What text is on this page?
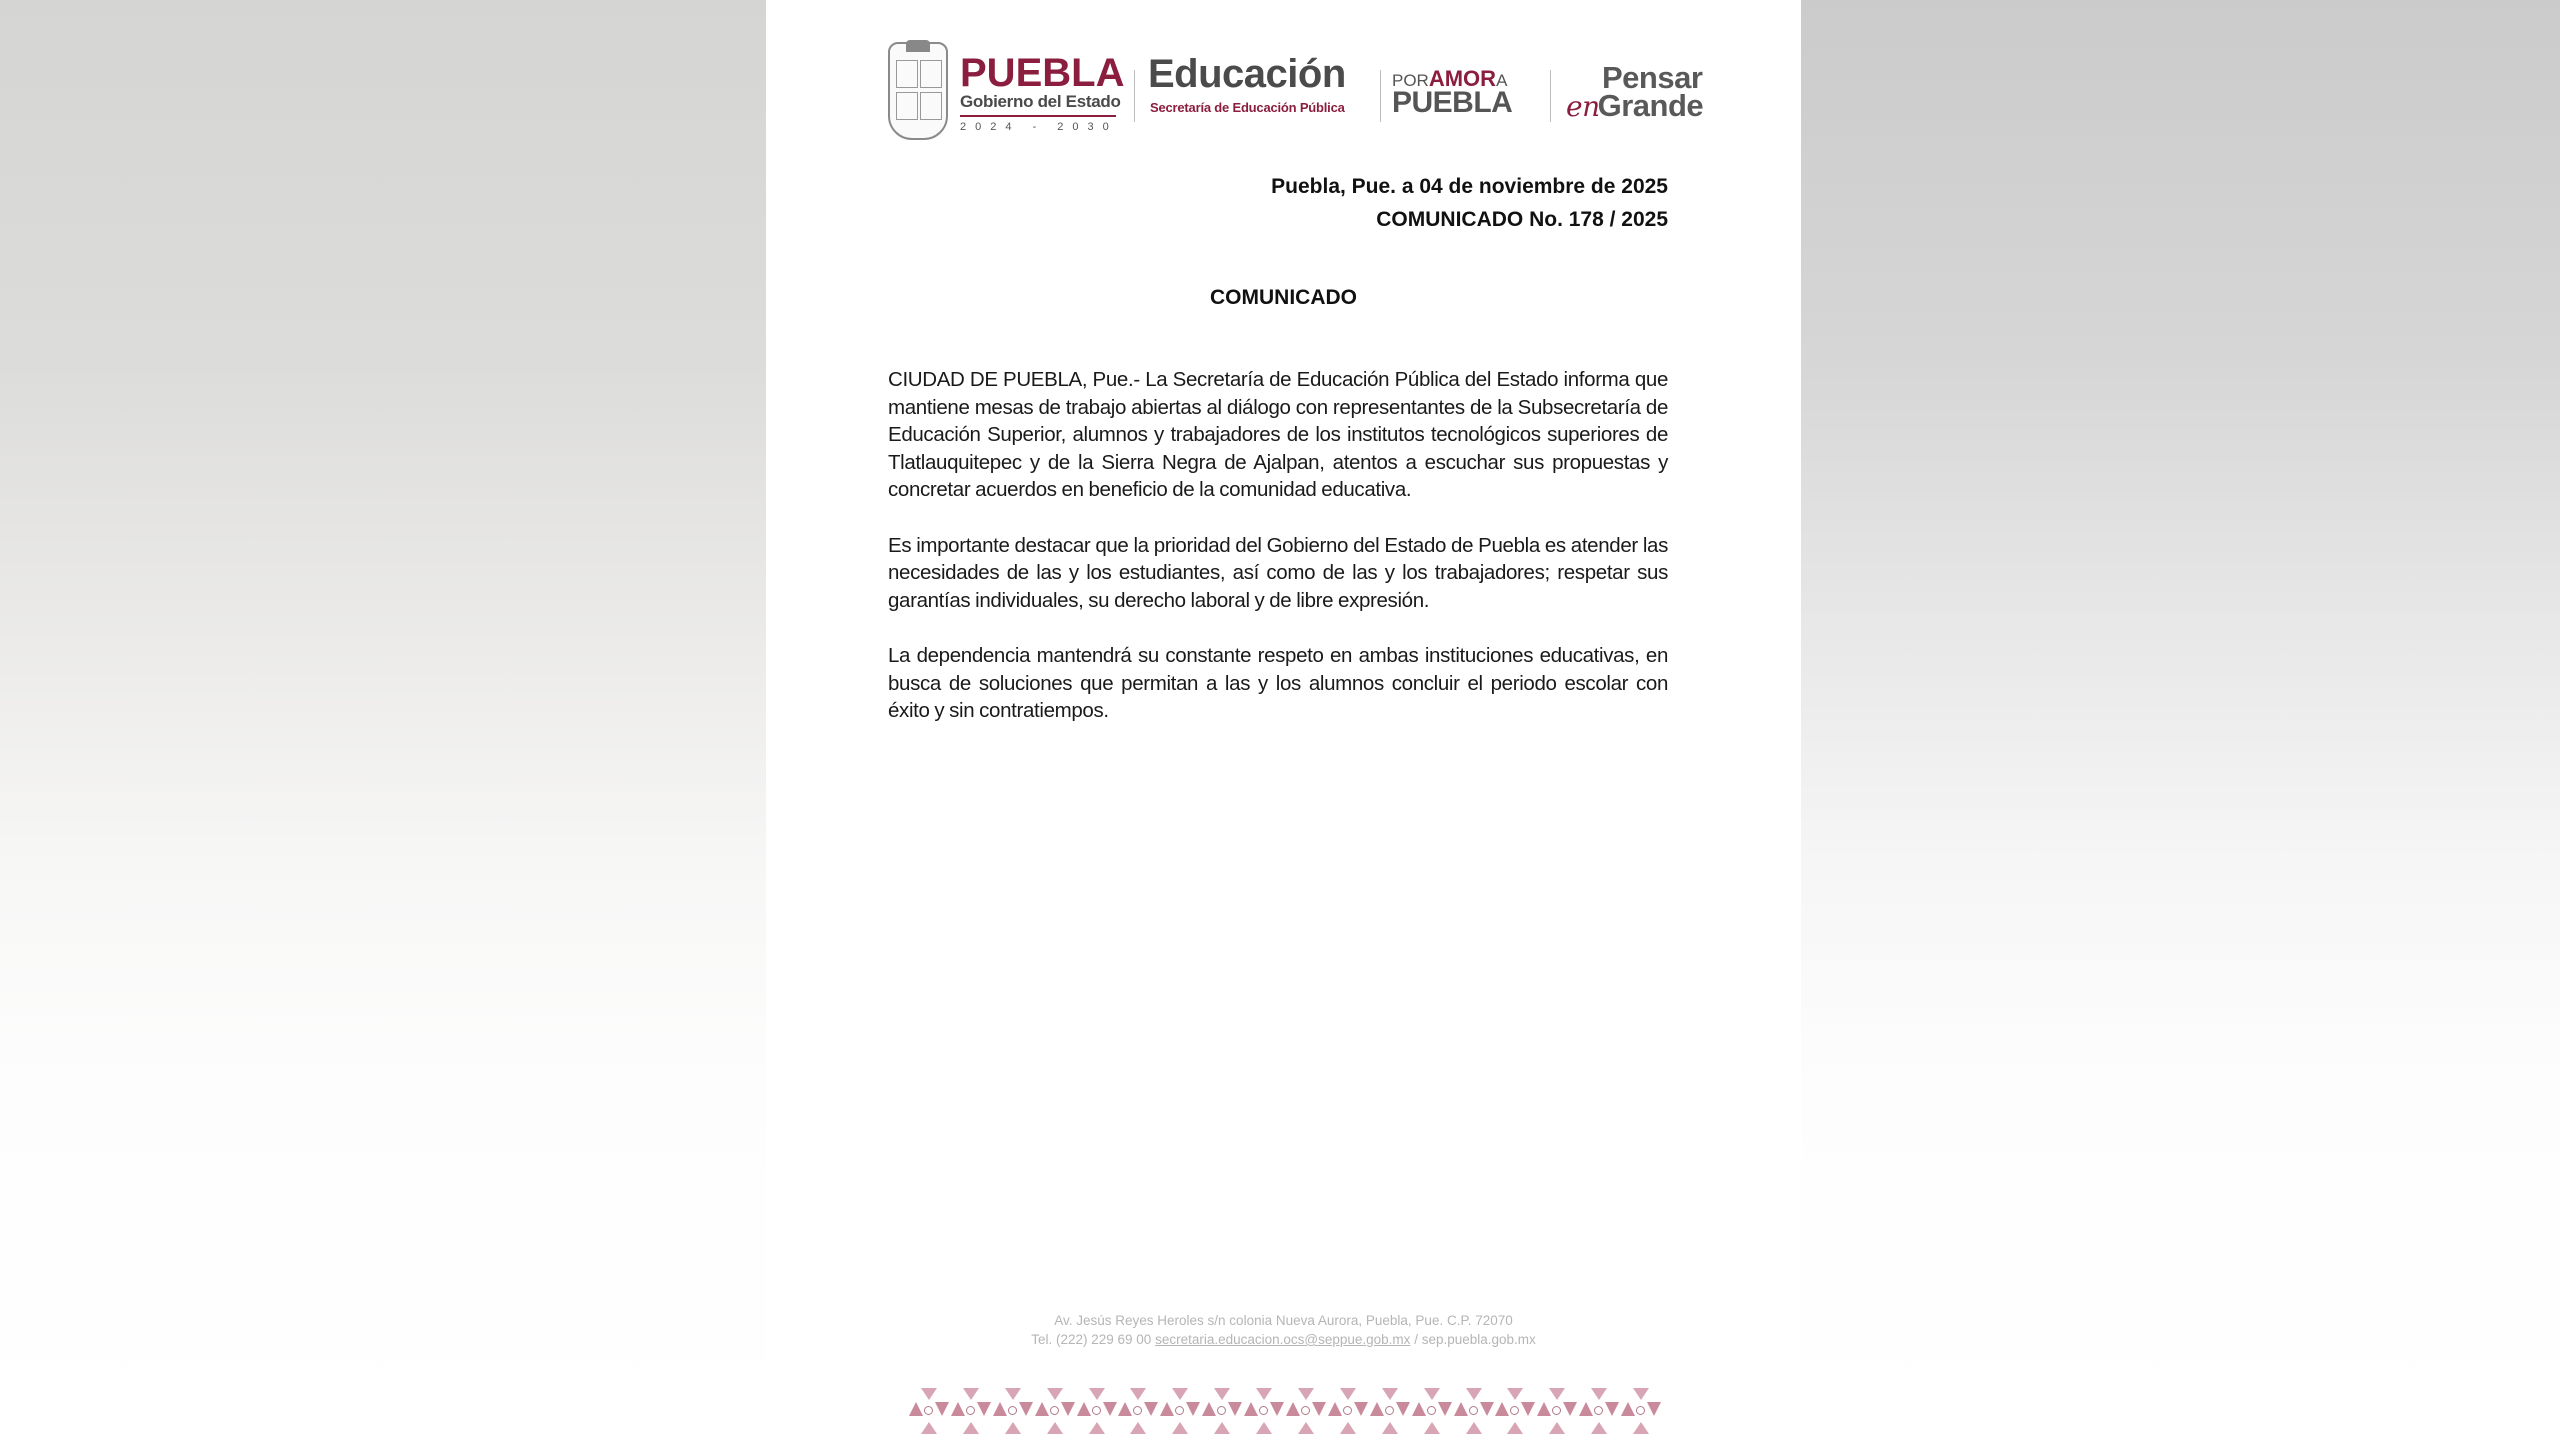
PUEBLA
Gobierno del Estado
2024 - 2030
Educación
Secretaría de Educación Pública
PORAMORA
PUEBLA
Pensar
enGrande
Puebla, Pue. a 04 de noviembre de 2025
COMUNICADO No. 178 / 2025
COMUNICADO

CIUDAD DE PUEBLA, Pue.- La Secretaría de Educación Pública del Estado informa que mantiene mesas de trabajo abiertas al diálogo con representantes de la Subsecretaría de Educación Superior, alumnos y trabajadores de los institutos tecnológicos superiores de Tlatlauquitepec y de la Sierra Negra de Ajalpan, atentos a escuchar sus propuestas y concretar acuerdos en beneficio de la comunidad educativa.

Es importante destacar que la prioridad del Gobierno del Estado de Puebla es atender las necesidades de las y los estudiantes, así como de las y los trabajadores; respetar sus garantías individuales, su derecho laboral y de libre expresión.

La dependencia mantendrá su constante respeto en ambas instituciones educativas, en busca de soluciones que permitan a las y los alumnos concluir el periodo escolar con éxito y sin contratiempos.

Av. Jesús Reyes Heroles s/n colonia Nueva Aurora, Puebla, Pue. C.P. 72070
Tel. (222) 229 69 00 secretaria.educacion.ocs@seppue.gob.mx / sep.puebla.gob.mx
